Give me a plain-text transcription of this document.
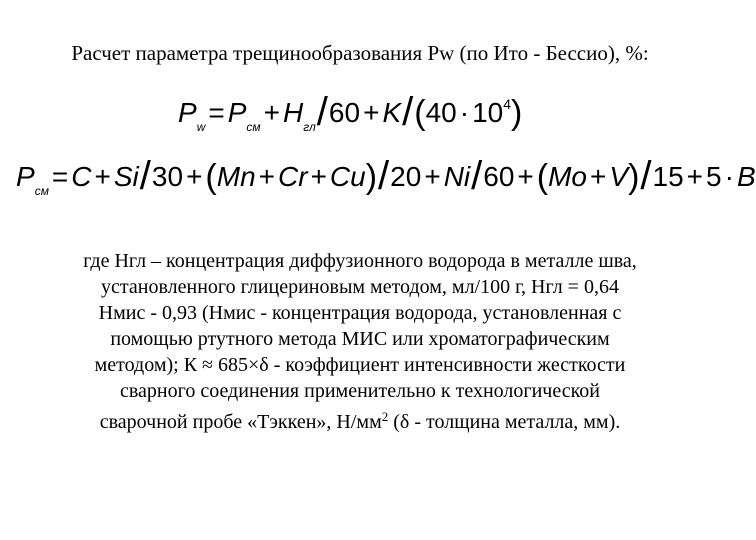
Расчет параметра трещинообразования Pw (по Ито - Бессио), %:
$P_w = P_{см} + H_{гл}/60 + K/(40 \cdot 10^4)$
$P_{см} = C + Si/30 +(Mn + Cr + Cu)/20 + Ni/60 +(Mo + V)/15 + 5 \cdot B$
где Нгл – концентрация диффузионного водорода в металле шва,
установленного глицериновым методом, мл/100 г, Нгл = 0,64
Нмис - 0,93 (Нмис - концентрация водорода, установленная с
помощью ртутного метода МИС или хроматографическим
методом); К ≈ 685×δ - коэффициент интенсивности жесткости
сварного соединения применительно к технологической
сварочной пробе «Тэккен», $Н/мм^2$ (δ - толщина металла, мм).
